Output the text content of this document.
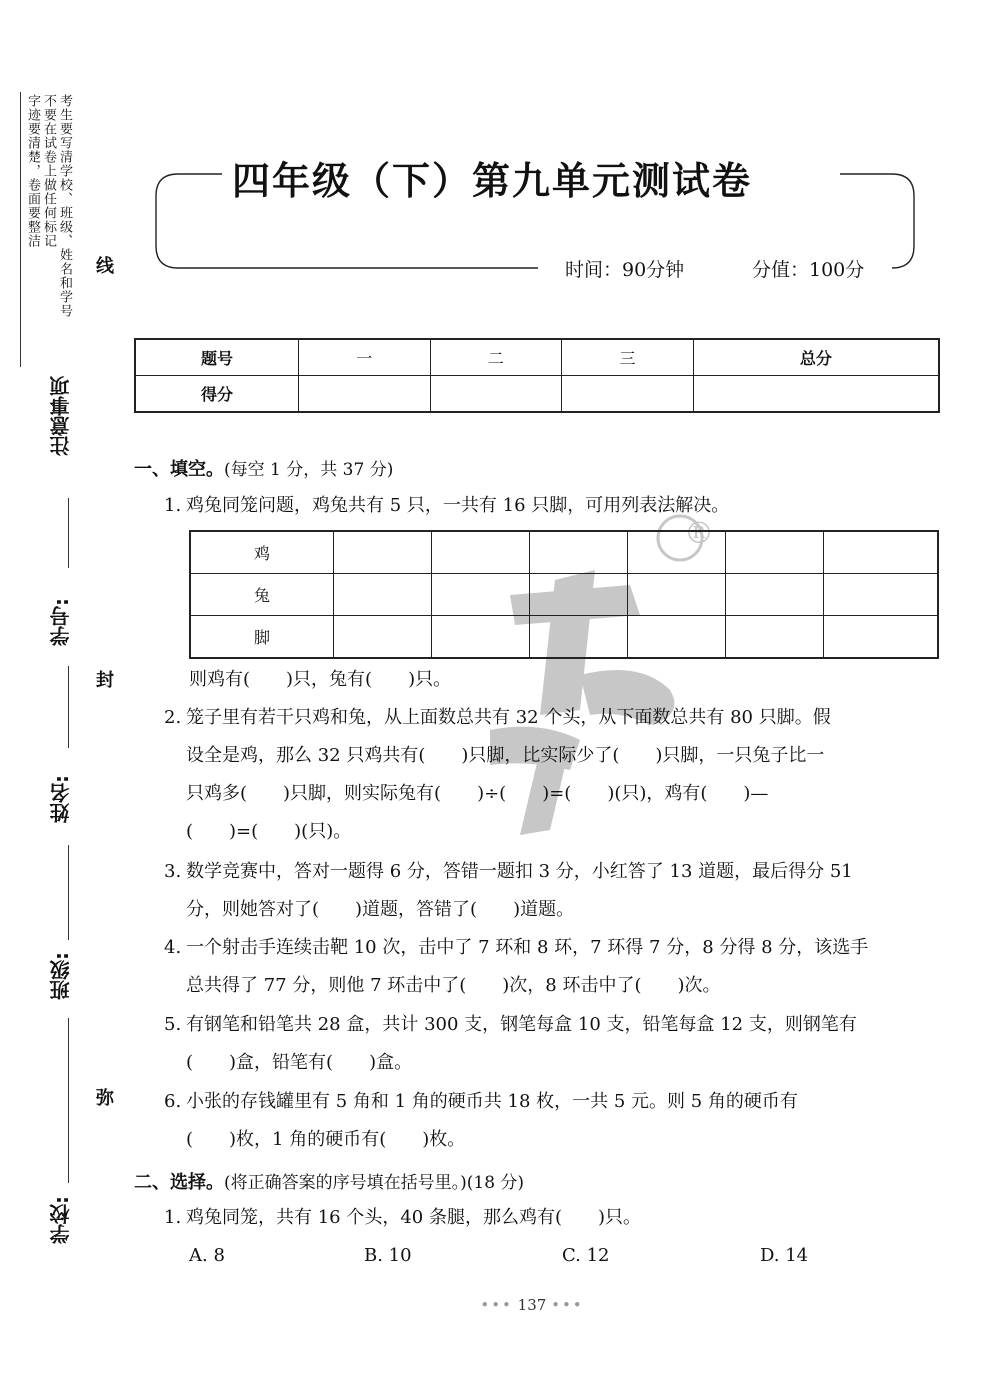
考生要写清学校、班级、姓名和学号
不要在试卷上做任何标记
字迹要清楚，卷面要整洁
注意事项
学号:
姓名:
班级:
学校:
线
封
弥
四年级（下）第九单元测试卷
时间：90分钟	分值：100分
题号	一	二	三	总分
得分				
®
一、填空。(每空 1 分，共 37 分)
1. 鸡兔同笼问题，鸡兔共有 5 只，一共有 16 只脚，可用列表法解决。
鸡						
兔						
脚						
则鸡有(　　)只，兔有(　　)只。
2. 笼子里有若干只鸡和兔，从上面数总共有 32 个头，从下面数总共有 80 只脚。假
设全是鸡，那么 32 只鸡共有(　　)只脚，比实际少了(　　)只脚，一只兔子比一
只鸡多(　　)只脚，则实际兔有(　　)÷(　　)=(　　)(只)，鸡有(　　)—
(　　)=(　　)(只)。
3. 数学竞赛中，答对一题得 6 分，答错一题扣 3 分，小红答了 13 道题，最后得分 51
分，则她答对了(　　)道题，答错了(　　)道题。
4. 一个射击手连续击靶 10 次，击中了 7 环和 8 环，7 环得 7 分，8 分得 8 分，该选手
总共得了 77 分，则他 7 环击中了(　　)次，8 环击中了(　　)次。
5. 有钢笔和铅笔共 28 盒，共计 300 支，钢笔每盒 10 支，铅笔每盒 12 支，则钢笔有
(　　)盒，铅笔有(　　)盒。
6. 小张的存钱罐里有 5 角和 1 角的硬币共 18 枚，一共 5 元。则 5 角的硬币有
(　　)枚，1 角的硬币有(　　)枚。
二、选择。(将正确答案的序号填在括号里。)(18 分)
1. 鸡兔同笼，共有 16 个头，40 条腿，那么鸡有(　　)只。
A. 8	B. 10	C. 12	D. 14
••• 137 •••
